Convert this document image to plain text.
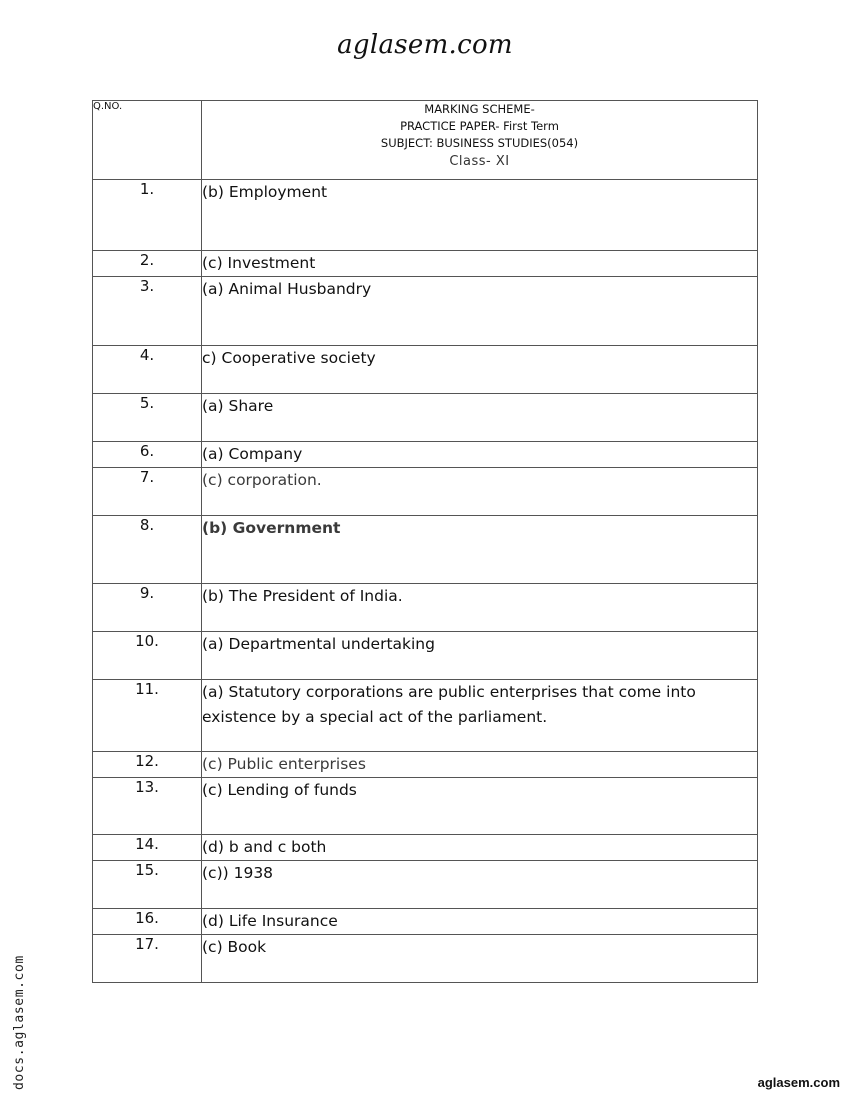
aglasem.com
Q.NO.	MARKING SCHEME-
PRACTICE PAPER- First Term
SUBJECT: BUSINESS STUDIES(054)
Class- XI

1.	(b) Employment
2.	(c) Investment
3.	(a) Animal Husbandry
4.	c) Cooperative society
5.	(a) Share
6.	(a) Company
7.	(c) corporation.
8.	(b) Government
9.	(b) The President of India.
10.	(a) Departmental undertaking
11.	(a) Statutory corporations are public enterprises that come into existence by a special act of the parliament.
12.	(c) Public enterprises
13.	(c) Lending of funds
14.	(d) b and c both
15.	(c)) 1938
16.	(d) Life Insurance
17.	(c) Book
docs.aglasem.com	aglasem.com
